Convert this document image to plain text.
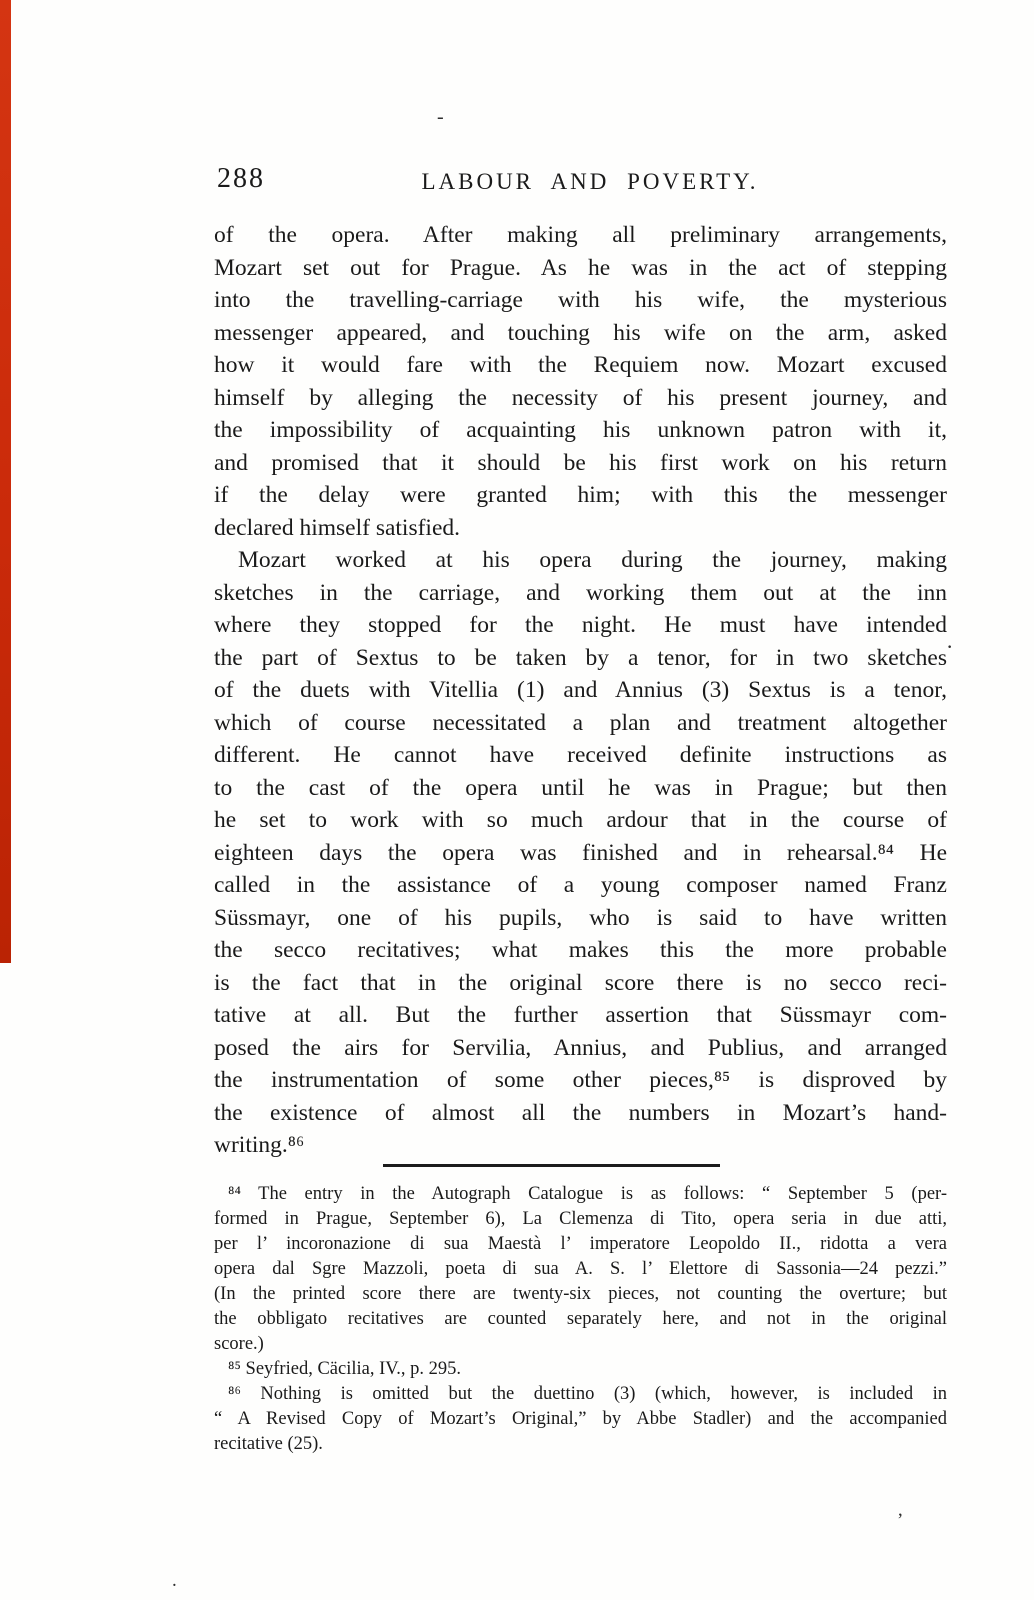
288	LABOUR AND POVERTY.
of the opera. After making all preliminary arrangements,
Mozart set out for Prague. As he was in the act of stepping
into the travelling-carriage with his wife, the mysterious
messenger appeared, and touching his wife on the arm, asked
how it would fare with the Requiem now. Mozart excused
himself by alleging the necessity of his present journey, and
the impossibility of acquainting his unknown patron with it,
and promised that it should be his first work on his return
if the delay were granted him; with this the messenger
declared himself satisfied.
Mozart worked at his opera during the journey, making
sketches in the carriage, and working them out at the inn
where they stopped for the night. He must have intended
the part of Sextus to be taken by a tenor, for in two sketches
of the duets with Vitellia (1) and Annius (3) Sextus is a tenor,
which of course necessitated a plan and treatment altogether
different. He cannot have received definite instructions as
to the cast of the opera until he was in Prague; but then
he set to work with so much ardour that in the course of
eighteen days the opera was finished and in rehearsal.⁸⁴ He
called in the assistance of a young composer named Franz
Süssmayr, one of his pupils, who is said to have written
the secco recitatives; what makes this the more probable
is the fact that in the original score there is no secco reci-
tative at all. But the further assertion that Süssmayr com-
posed the airs for Servilia, Annius, and Publius, and arranged
the instrumentation of some other pieces,⁸⁵ is disproved by
the existence of almost all the numbers in Mozart’s hand-
writing.⁸⁶
⁸⁴ The entry in the Autograph Catalogue is as follows: “ September 5 (per-
formed in Prague, September 6), La Clemenza di Tito, opera seria in due atti,
per l’ incoronazione di sua Maestà l’ imperatore Leopoldo II., ridotta a vera
opera dal Sgre Mazzoli, poeta di sua A. S. l’ Elettore di Sassonia—24 pezzi.”
(In the printed score there are twenty-six pieces, not counting the overture; but
the obbligato recitatives are counted separately here, and not in the original
score.)
⁸⁵ Seyfried, Cäcilia, IV., p. 295.
⁸⁶ Nothing is omitted but the duettino (3) (which, however, is included in
“ A Revised Copy of Mozart’s Original,” by Abbe Stadler) and the accompanied
recitative (25).
-
·
’
.
